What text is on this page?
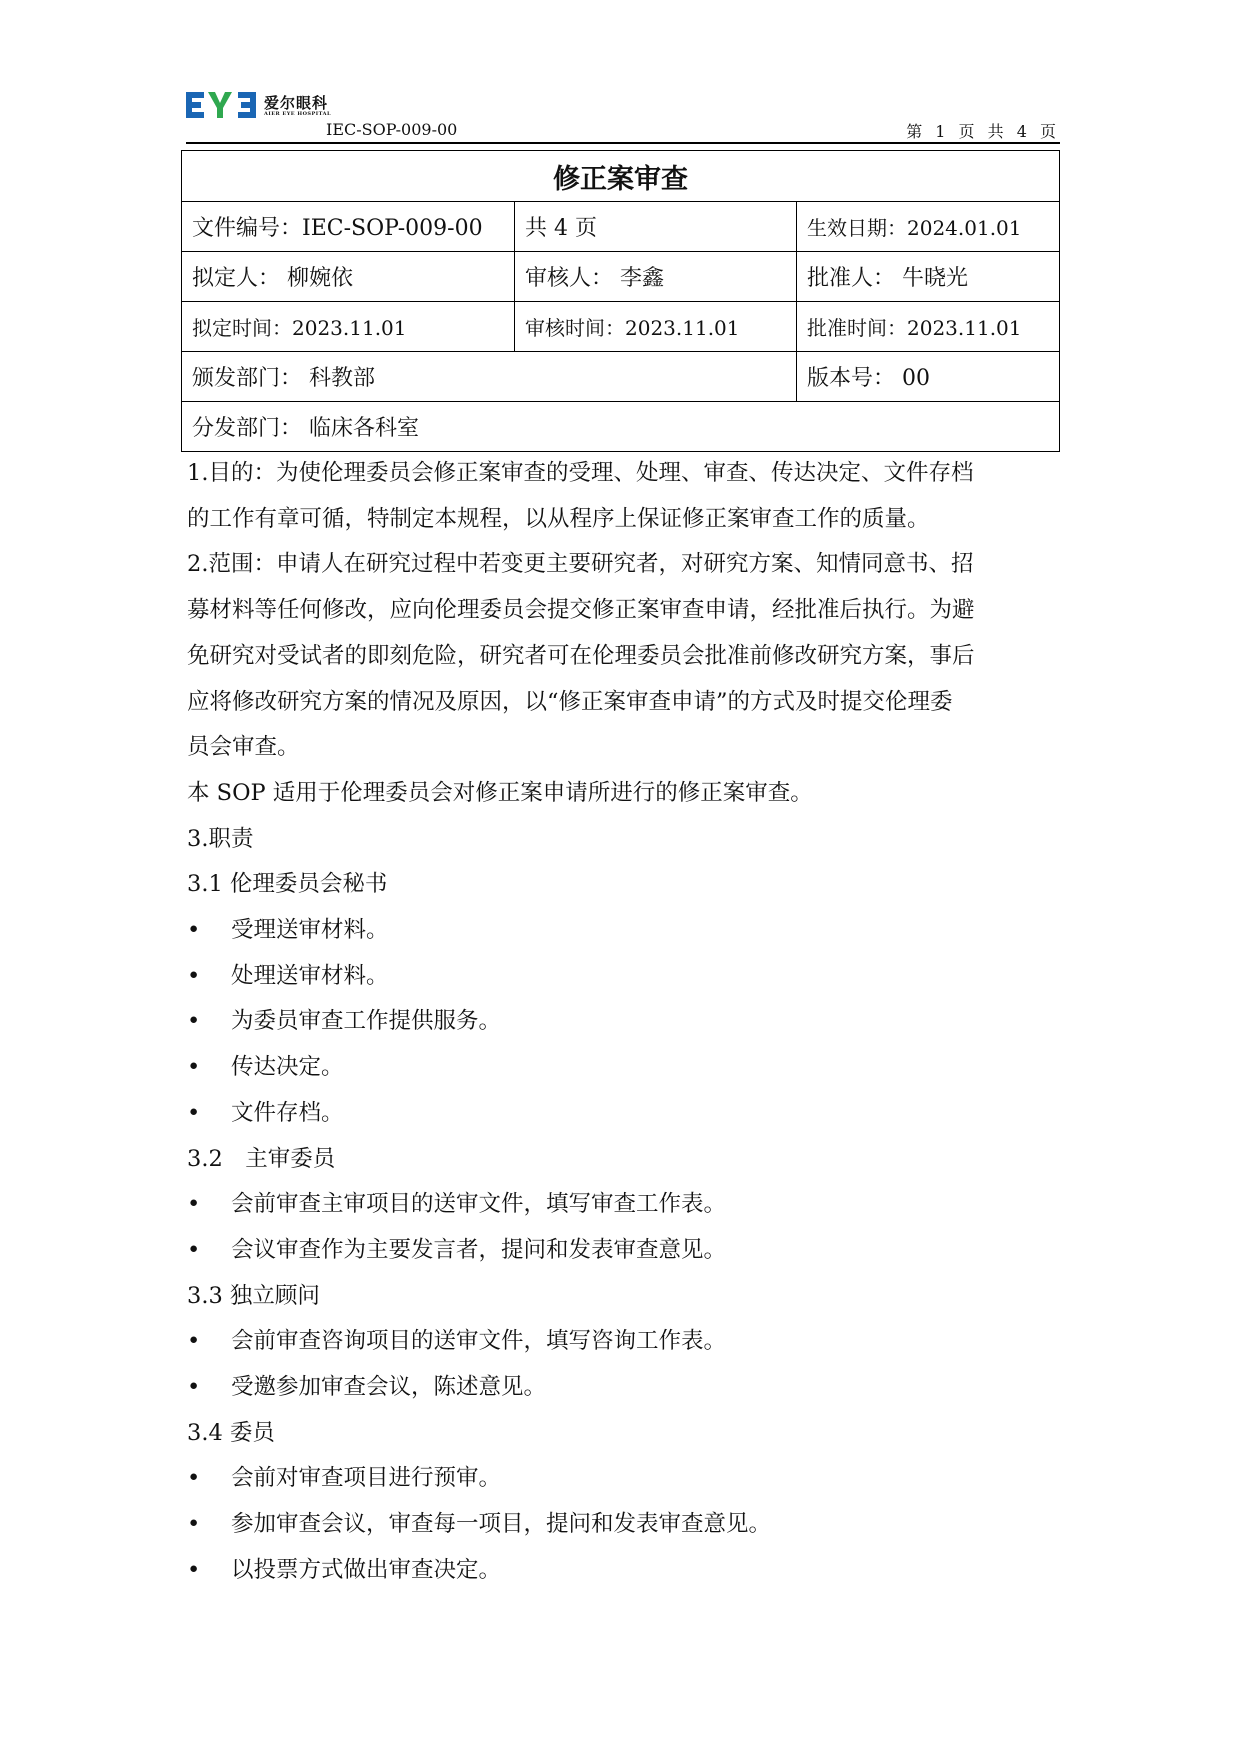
爱尔眼科
AIER EYE HOSPITAL
IEC-SOP-009-00	第 1 页 共 4 页
修正案审查		
文件编号：IEC-SOP-009-00	共 4 页	生效日期：2024.01.01
拟定人： 柳婉依	审核人： 李鑫	批准人： 牛晓光
拟定时间：2023.11.01	审核时间：2023.11.01	批准时间：2023.11.01
颁发部门： 科教部		版本号： 00
分发部门： 临床各科室		

1.目的：为使伦理委员会修正案审查的受理、处理、审查、传达决定、文件存档

的工作有章可循，特制定本规程，以从程序上保证修正案审查工作的质量。

2.范围：申请人在研究过程中若变更主要研究者，对研究方案、知情同意书、招

募材料等任何修改，应向伦理委员会提交修正案审查申请，经批准后执行。为避

免研究对受试者的即刻危险，研究者可在伦理委员会批准前修改研究方案，事后

应将修改研究方案的情况及原因，以“修正案审查申请”的方式及时提交伦理委

员会审查。

本 SOP 适用于伦理委员会对修正案申请所进行的修正案审查。

3.职责

3.1 伦理委员会秘书

• 受理送审材料。

• 处理送审材料。

• 为委员审查工作提供服务。

• 传达决定。

• 文件存档。

3.2　主审委员

• 会前审查主审项目的送审文件，填写审查工作表。

• 会议审查作为主要发言者，提问和发表审查意见。

3.3 独立顾问

• 会前审查咨询项目的送审文件，填写咨询工作表。

• 受邀参加审查会议，陈述意见。

3.4 委员

• 会前对审查项目进行预审。

• 参加审查会议，审查每一项目，提问和发表审查意见。

• 以投票方式做出审查决定。
